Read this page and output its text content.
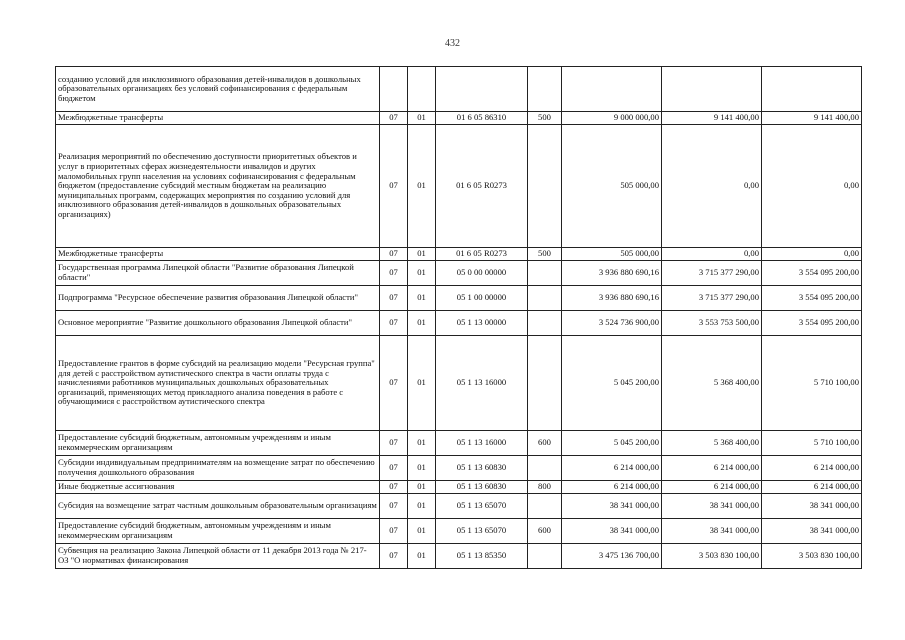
432
созданию условий для инклюзивного образования детей-инвалидов в дошкольных образовательных организациях без условий софинансирования с федеральным бюджетом							
Межбюджетные трансферты	07	01	01 6 05 86310	500	9 000 000,00	9 141 400,00	9 141 400,00
Реализация мероприятий по обеспечению доступности приоритетных объектов и услуг в приоритетных сферах жизнедеятельности инвалидов и других маломобильных групп населения на условиях софинансирования с федеральным бюджетом (предоставление субсидий местным бюджетам на реализацию муниципальных программ, содержащих мероприятия по созданию условий для инклюзивного образования детей-инвалидов в дошкольных образовательных организациях)	07	01	01 6 05 R0273		505 000,00	0,00	0,00
Межбюджетные трансферты	07	01	01 6 05 R0273	500	505 000,00	0,00	0,00
Государственная программа Липецкой области "Развитие образования Липецкой области"	07	01	05 0 00 00000		3 936 880 690,16	3 715 377 290,00	3 554 095 200,00
Подпрограмма "Ресурсное обеспечение развития образования Липецкой области"	07	01	05 1 00 00000		3 936 880 690,16	3 715 377 290,00	3 554 095 200,00
Основное мероприятие "Развитие дошкольного образования Липецкой области"	07	01	05 1 13 00000		3 524 736 900,00	3 553 753 500,00	3 554 095 200,00
Предоставление грантов в форме субсидий на реализацию модели "Ресурсная группа" для детей с расстройством аутистического спектра в части оплаты труда с начислениями работников муниципальных дошкольных образовательных организаций, применяющих метод прикладного анализа поведения в работе с обучающимися с расстройством аутистического спектра	07	01	05 1 13 16000		5 045 200,00	5 368 400,00	5 710 100,00
Предоставление субсидий бюджетным, автономным учреждениям и иным некоммерческим организациям	07	01	05 1 13 16000	600	5 045 200,00	5 368 400,00	5 710 100,00
Субсидии индивидуальным предпринимателям на возмещение затрат по обеспечению получения дошкольного образования	07	01	05 1 13 60830		6 214 000,00	6 214 000,00	6 214 000,00
Иные бюджетные ассигнования	07	01	05 1 13 60830	800	6 214 000,00	6 214 000,00	6 214 000,00
Субсидия на возмещение затрат частным дошкольным образовательным организациям	07	01	05 1 13 65070		38 341 000,00	38 341 000,00	38 341 000,00
Предоставление субсидий бюджетным, автономным учреждениям и иным некоммерческим организациям	07	01	05 1 13 65070	600	38 341 000,00	38 341 000,00	38 341 000,00
Субвенция на реализацию Закона Липецкой области от 11 декабря 2013 года № 217-ОЗ "О нормативах финансирования	07	01	05 1 13 85350		3 475 136 700,00	3 503 830 100,00	3 503 830 100,00
